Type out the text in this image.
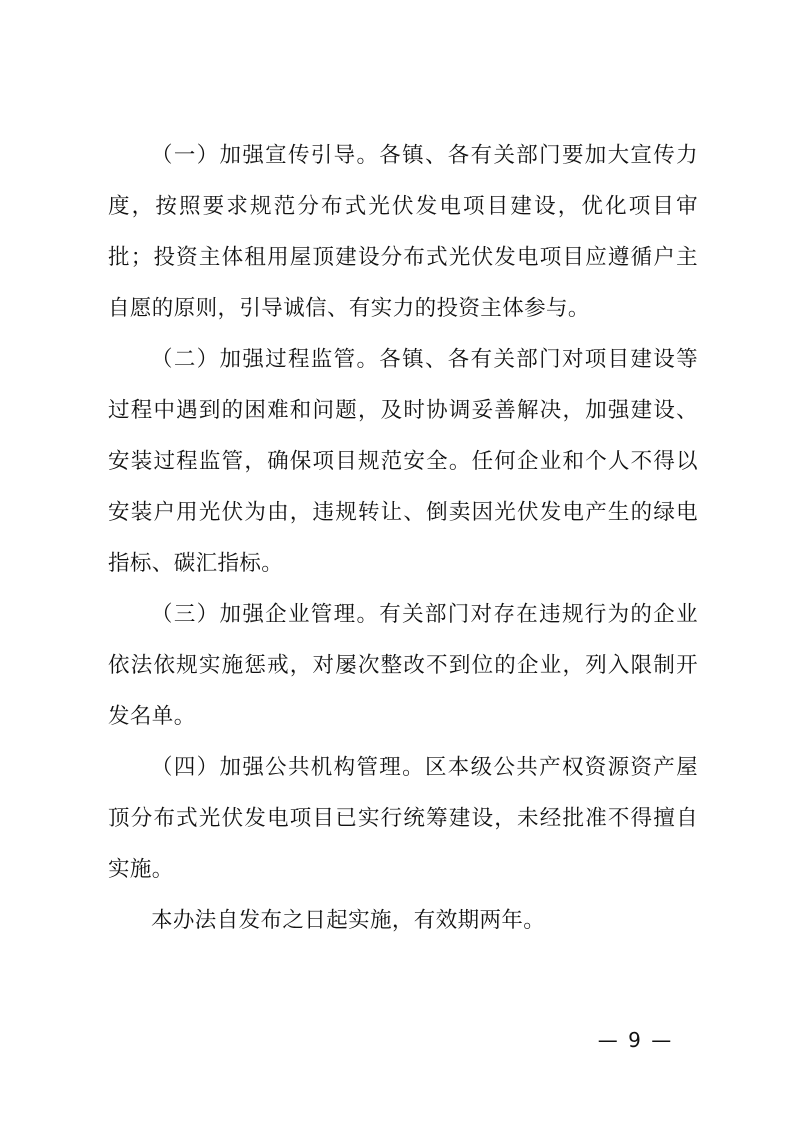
（一）加强宣传引导。各镇、各有关部门要加大宣传力度，按照要求规范分布式光伏发电项目建设，优化项目审批；投资主体租用屋顶建设分布式光伏发电项目应遵循户主自愿的原则，引导诚信、有实力的投资主体参与。

（二）加强过程监管。各镇、各有关部门对项目建设等过程中遇到的困难和问题，及时协调妥善解决，加强建设、安装过程监管，确保项目规范安全。任何企业和个人不得以安装户用光伏为由，违规转让、倒卖因光伏发电产生的绿电指标、碳汇指标。

（三）加强企业管理。有关部门对存在违规行为的企业依法依规实施惩戒，对屡次整改不到位的企业，列入限制开发名单。

（四）加强公共机构管理。区本级公共产权资源资产屋顶分布式光伏发电项目已实行统筹建设，未经批准不得擅自实施。

本办法自发布之日起实施，有效期两年。

— 9 —
